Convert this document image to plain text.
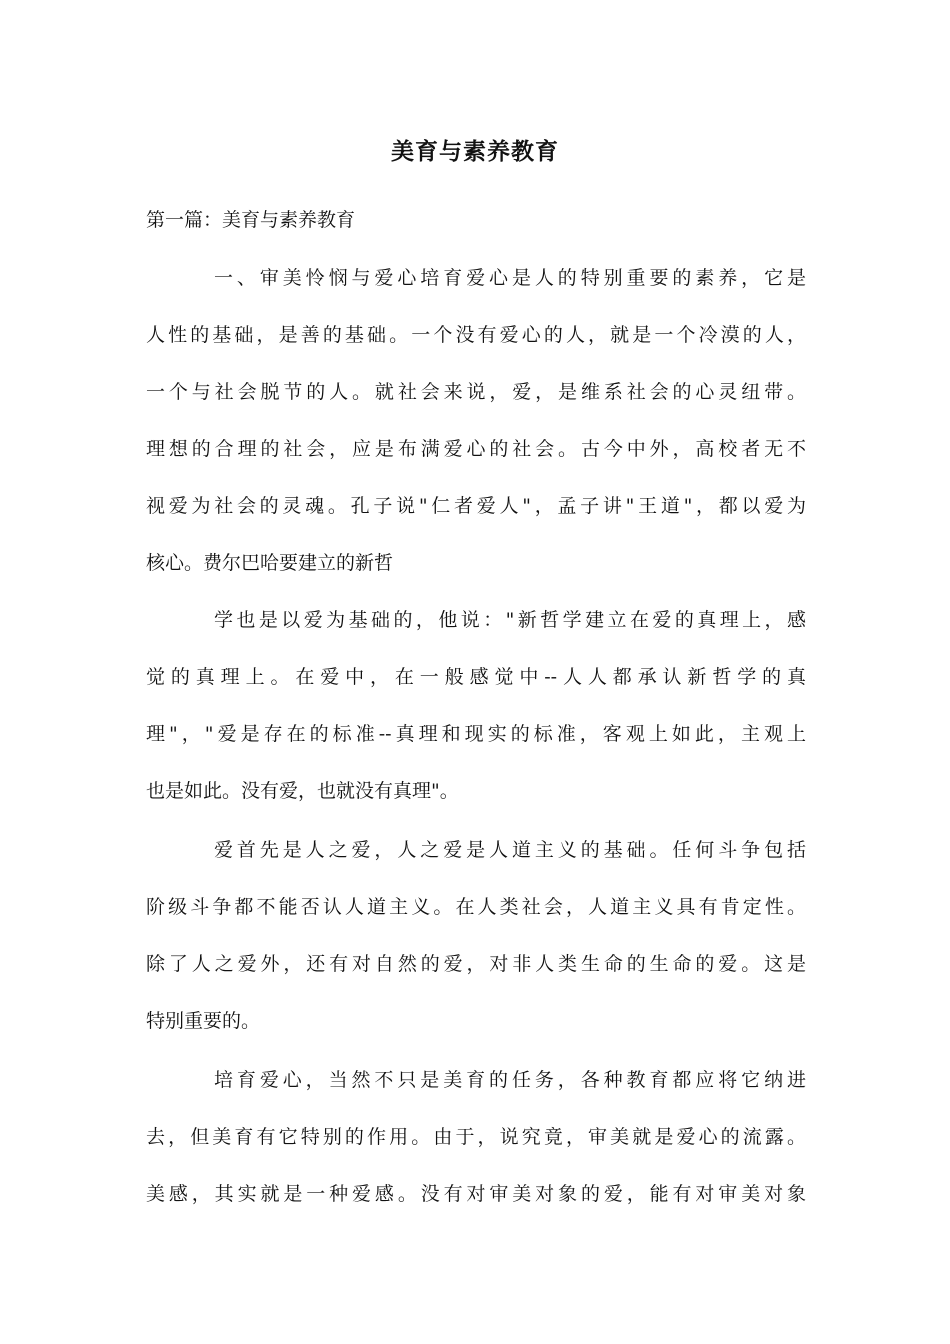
美育与素养教育
第一篇：美育与素养教育
一、审美怜悯与爱心培育爱心是人的特别重要的素养，它是
人性的基础，是善的基础。一个没有爱心的人，就是一个冷漠的人，
一个与社会脱节的人。就社会来说，爱，是维系社会的心灵纽带。
理想的合理的社会，应是布满爱心的社会。古今中外，高校者无不
视爱为社会的灵魂。孔子说"仁者爱人"，孟子讲"王道"，都以爱为
核心。费尔巴哈要建立的新哲
学也是以爱为基础的，他说："新哲学建立在爱的真理上，感
觉的真理上。在爱中，在一般感觉中--人人都承认新哲学的真
理"，"爱是存在的标准--真理和现实的标准，客观上如此，主观上
也是如此。没有爱，也就没有真理"。
爱首先是人之爱，人之爱是人道主义的基础。任何斗争包括
阶级斗争都不能否认人道主义。在人类社会，人道主义具有肯定性。
除了人之爱外，还有对自然的爱，对非人类生命的生命的爱。这是
特别重要的。
培育爱心，当然不只是美育的任务，各种教育都应将它纳进
去，但美育有它特别的作用。由于，说究竟，审美就是爱心的流露。
美感，其实就是一种爱感。没有对审美对象的爱，能有对审美对象
